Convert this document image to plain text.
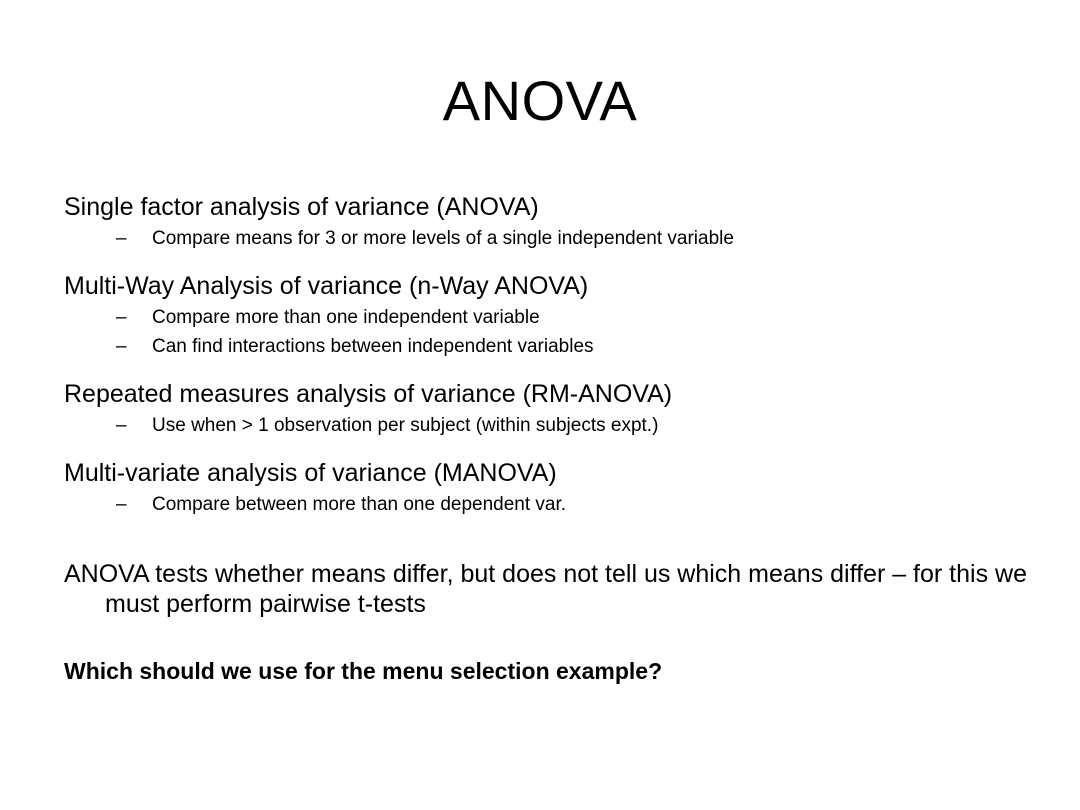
ANOVA
Single factor analysis of variance (ANOVA)
– Compare means for 3 or more levels of a single independent variable
Multi-Way Analysis of variance (n-Way ANOVA)
– Compare more than one independent variable
– Can find interactions between independent variables
Repeated measures analysis of variance (RM-ANOVA)
– Use when > 1 observation per subject (within subjects expt.)
Multi-variate analysis of variance (MANOVA)
– Compare between more than one dependent var.
ANOVA tests whether means differ, but does not tell us which means differ – for this we must perform pairwise t-tests
Which should we use for the menu selection example?
